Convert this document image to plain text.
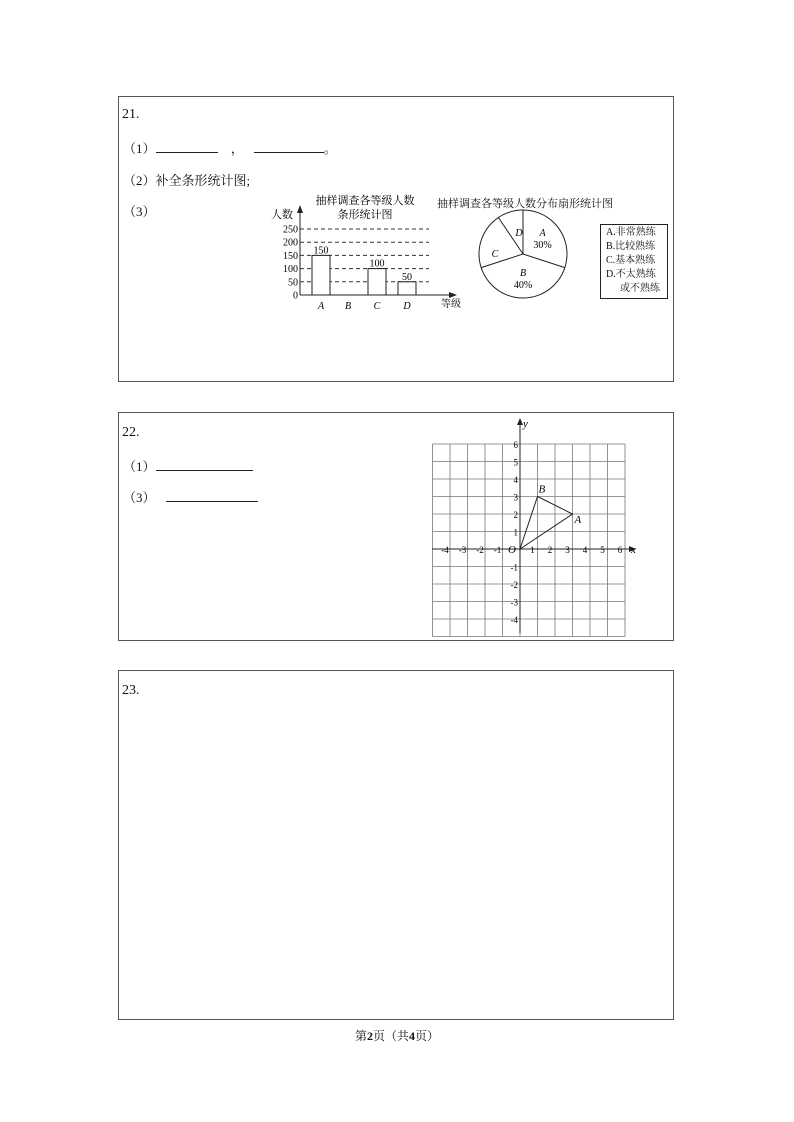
21.
（1）	，	。
（2）补全条形统计图;
（3）
抽样调查各等级人数
条形统计图
人数
等级
0
50
100
150
200
250
150
100
50
A B C D
抽样调查各等级人数分布扇形统计图
A
30%
B
40%
C
D	A.非常熟练
B.比较熟练
C.基本熟练
D.不太熟练
或不熟练
22.
（1）
（3）
x
y
O
-4 -3 -2 -1	1 2 3 4 5 6
6
5
4
3
2
1
-1
-2
-3
-4
A
B
23.
第2页（共4页）
